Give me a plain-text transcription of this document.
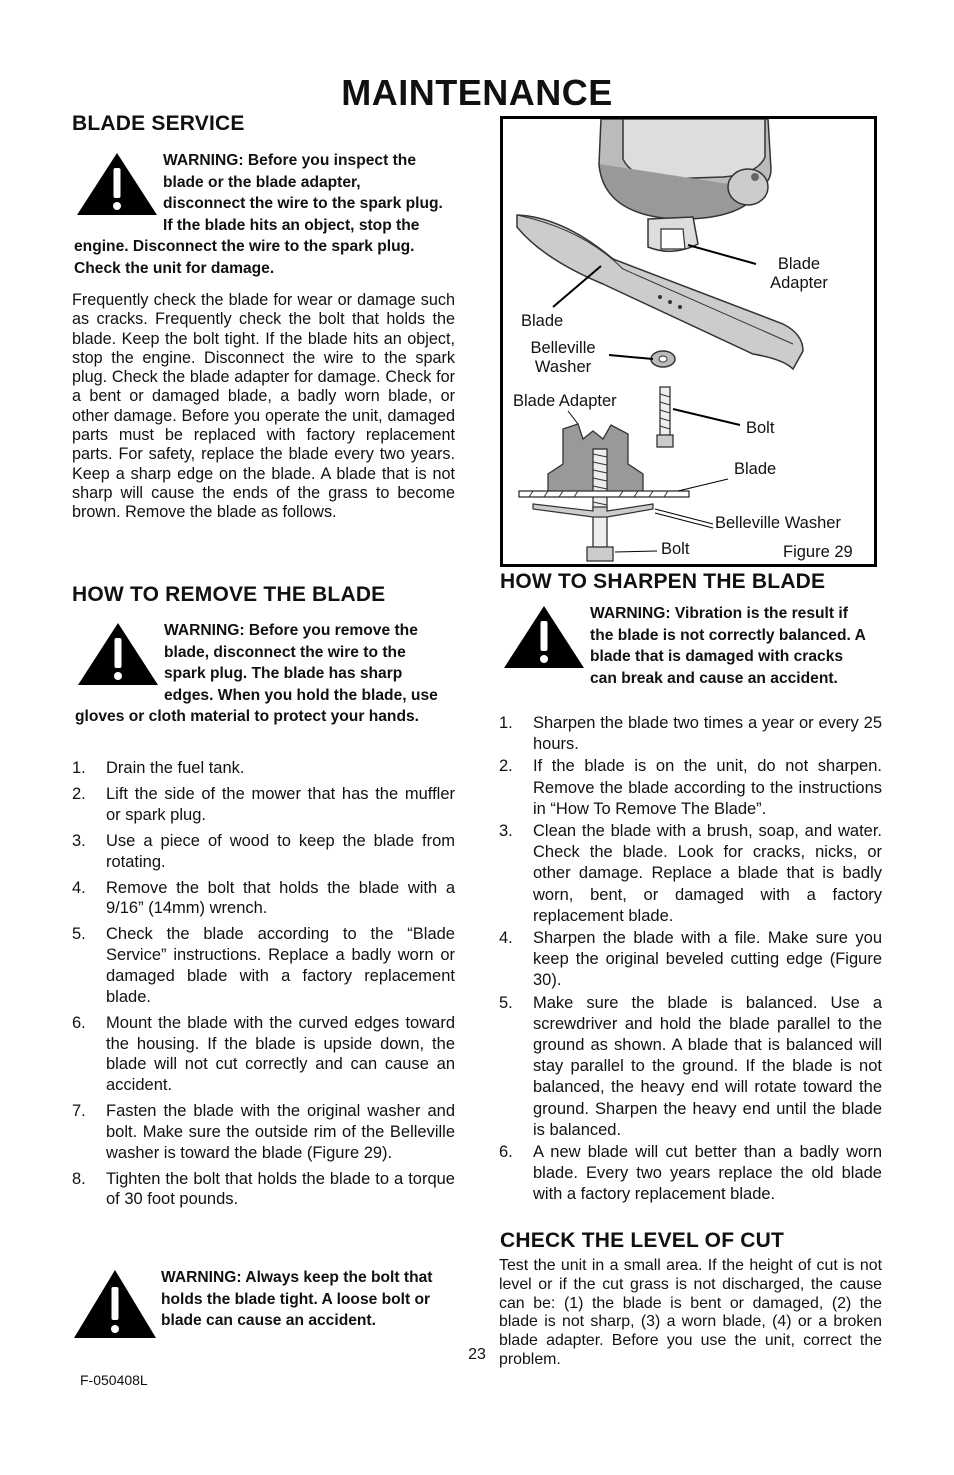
MAINTENANCE
BLADE SERVICE
WARNING: Before you inspect the blade or the blade adapter, disconnect the wire to the spark plug. If the blade hits an object, stop the engine. Disconnect the wire to the spark plug. Check the unit for damage.
Frequently check the blade for wear or damage such as cracks. Frequently check the bolt that holds the blade. Keep the bolt tight. If the blade hits an object, stop the engine. Disconnect the wire to the spark plug. Check the blade adapter for damage. Check for a bent or damaged blade, a badly worn blade, or other damage. Before you operate the unit, damaged parts must be replaced with factory replacement parts. For safety, replace the blade every two years. Keep a sharp edge on the blade. A blade that is not sharp will cause the ends of the grass to become brown. Remove the blade as follows.
HOW TO REMOVE THE BLADE
WARNING: Before you remove the blade, disconnect the wire to the spark plug. The blade has sharp edges. When you hold the blade, use gloves or cloth material to protect your hands.
1. Drain the fuel tank.
2. Lift the side of the mower that has the muffler or spark plug.
3. Use a piece of wood to keep the blade from rotating.
4. Remove the bolt that holds the blade with a 9/16” (14mm) wrench.
5. Check the blade according to the “Blade Service” instructions. Replace a badly worn or damaged blade with a factory replacement blade.
6. Mount the blade with the curved edges toward the housing. If the blade is upside down, the blade will not cut correctly and can cause an accident.
7. Fasten the blade with the original washer and bolt. Make sure the outside rim of the Belleville washer is toward the blade (Figure 29).
8. Tighten the bolt that holds the blade to a torque of 30 foot pounds.
WARNING: Always keep the bolt that holds the blade tight. A loose bolt or blade can cause an accident.
Blade Adapter
Blade
Belleville Washer
Blade Adapter
Bolt
Blade
Belleville Washer
Bolt	Figure 29
HOW TO SHARPEN THE BLADE
WARNING: Vibration is the result if the blade is not correctly balanced. A blade that is damaged with cracks can break and cause an accident.
1. Sharpen the blade two times a year or every 25 hours.
2. If the blade is on the unit, do not sharpen. Remove the blade according to the instructions in “How To Remove The Blade”.
3. Clean the blade with a brush, soap, and water. Check the blade. Look for cracks, nicks, or other damage. Replace a blade that is badly worn, bent, or damaged with a factory replacement blade.
4. Sharpen the blade with a file. Make sure you keep the original beveled cutting edge (Figure 30).
5. Make sure the blade is balanced. Use a screwdriver and hold the blade parallel to the ground as shown. A blade that is balanced will stay parallel to the ground. If the blade is not balanced, the heavy end will rotate toward the ground. Sharpen the heavy end until the blade is balanced.
6. A new blade will cut better than a badly worn blade. Every two years replace the old blade with a factory replacement blade.
CHECK THE LEVEL OF CUT
Test the unit in a small area. If the height of cut is not level or if the cut grass is not discharged, the cause can be: (1) the blade is bent or damaged, (2) the blade is not sharp, (3) a worn blade, (4) or a broken blade adapter. Before you use the unit, correct the problem.
23
F-050408L
